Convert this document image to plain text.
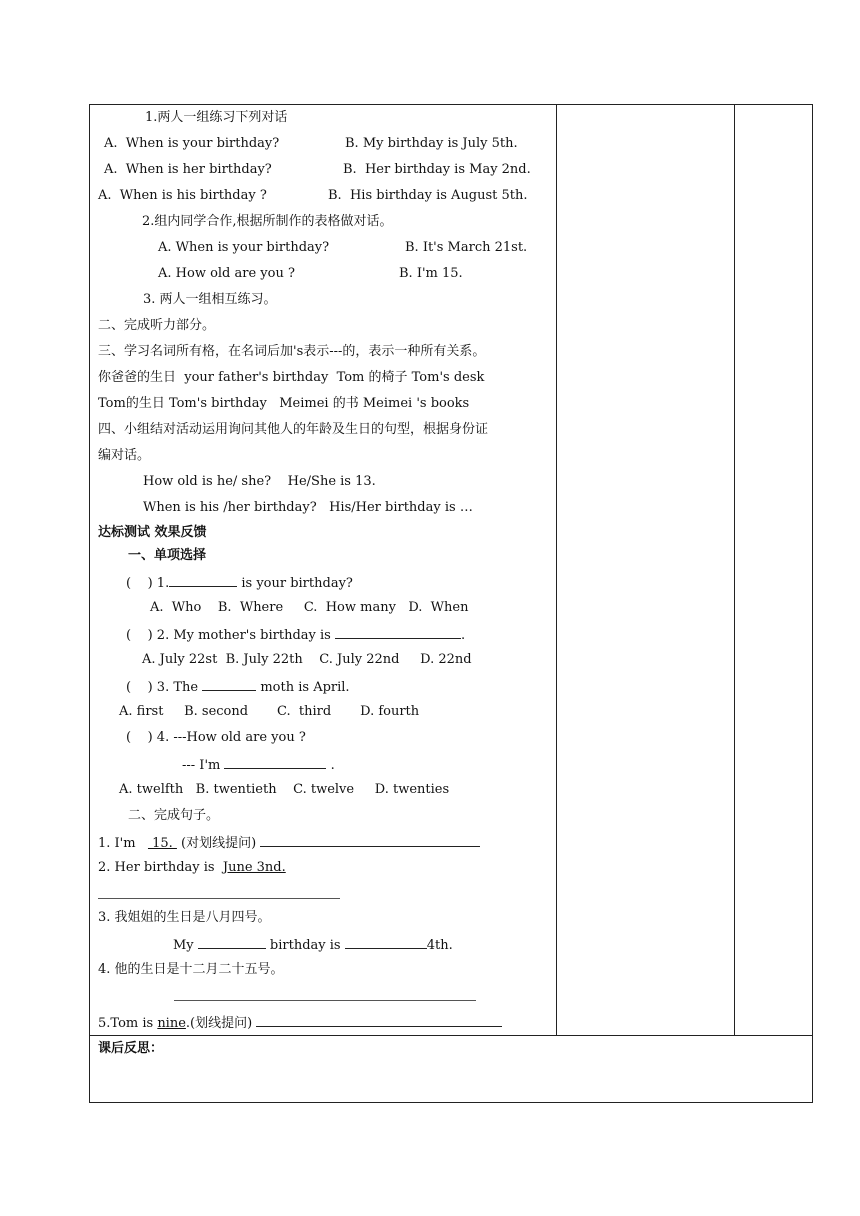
1.两人一组练习下列对话
A.  When is your birthday?	B. My birthday is July 5th.
A.  When is her birthday?	B.  Her birthday is May 2nd.
A.  When is his birthday ?	B.  His birthday is August 5th.
2.组内同学合作,根据所制作的表格做对话。
A. When is your birthday?	B. It's March 21st.
A. How old are you ?	B. I'm 15.
3. 两人一组相互练习。
二、完成听力部分。
三、学习名词所有格，在名词后加's表示---的，表示一种所有关系。
你爸爸的生日  your father's birthday  Tom 的椅子 Tom's desk
Tom的生日 Tom's birthday   Meimei 的书 Meimei 's books
四、小组结对活动运用询问其他人的年龄及生日的句型，根据身份证
编对话。
How old is he/ she?    He/She is 13.
When is his /her birthday?   His/Her birthday is …
达标测试 效果反馈
一、单项选择
(    ) 1.	is your birthday?
A.  Who    B.  Where     C.  How many   D.  When
(    ) 2. My mother's birthday is	.
A. July 22st  B. July 22th    C. July 22nd     D. 22nd
(    ) 3. The	moth is April.
A. first     B. second       C.  third       D. fourth
(    ) 4. ---How old are you ?
--- I'm	.
A. twelfth   B. twentieth    C. twelve     D. twenties
二、完成句子。
1. I'm    15.  (对划线提问)
2. Her birthday is  June 3nd.
3. 我姐姐的生日是八月四号。
My	birthday is	4th.
4. 他的生日是十二月二十五号。
5.Tom is nine.(划线提问)
课后反思：
